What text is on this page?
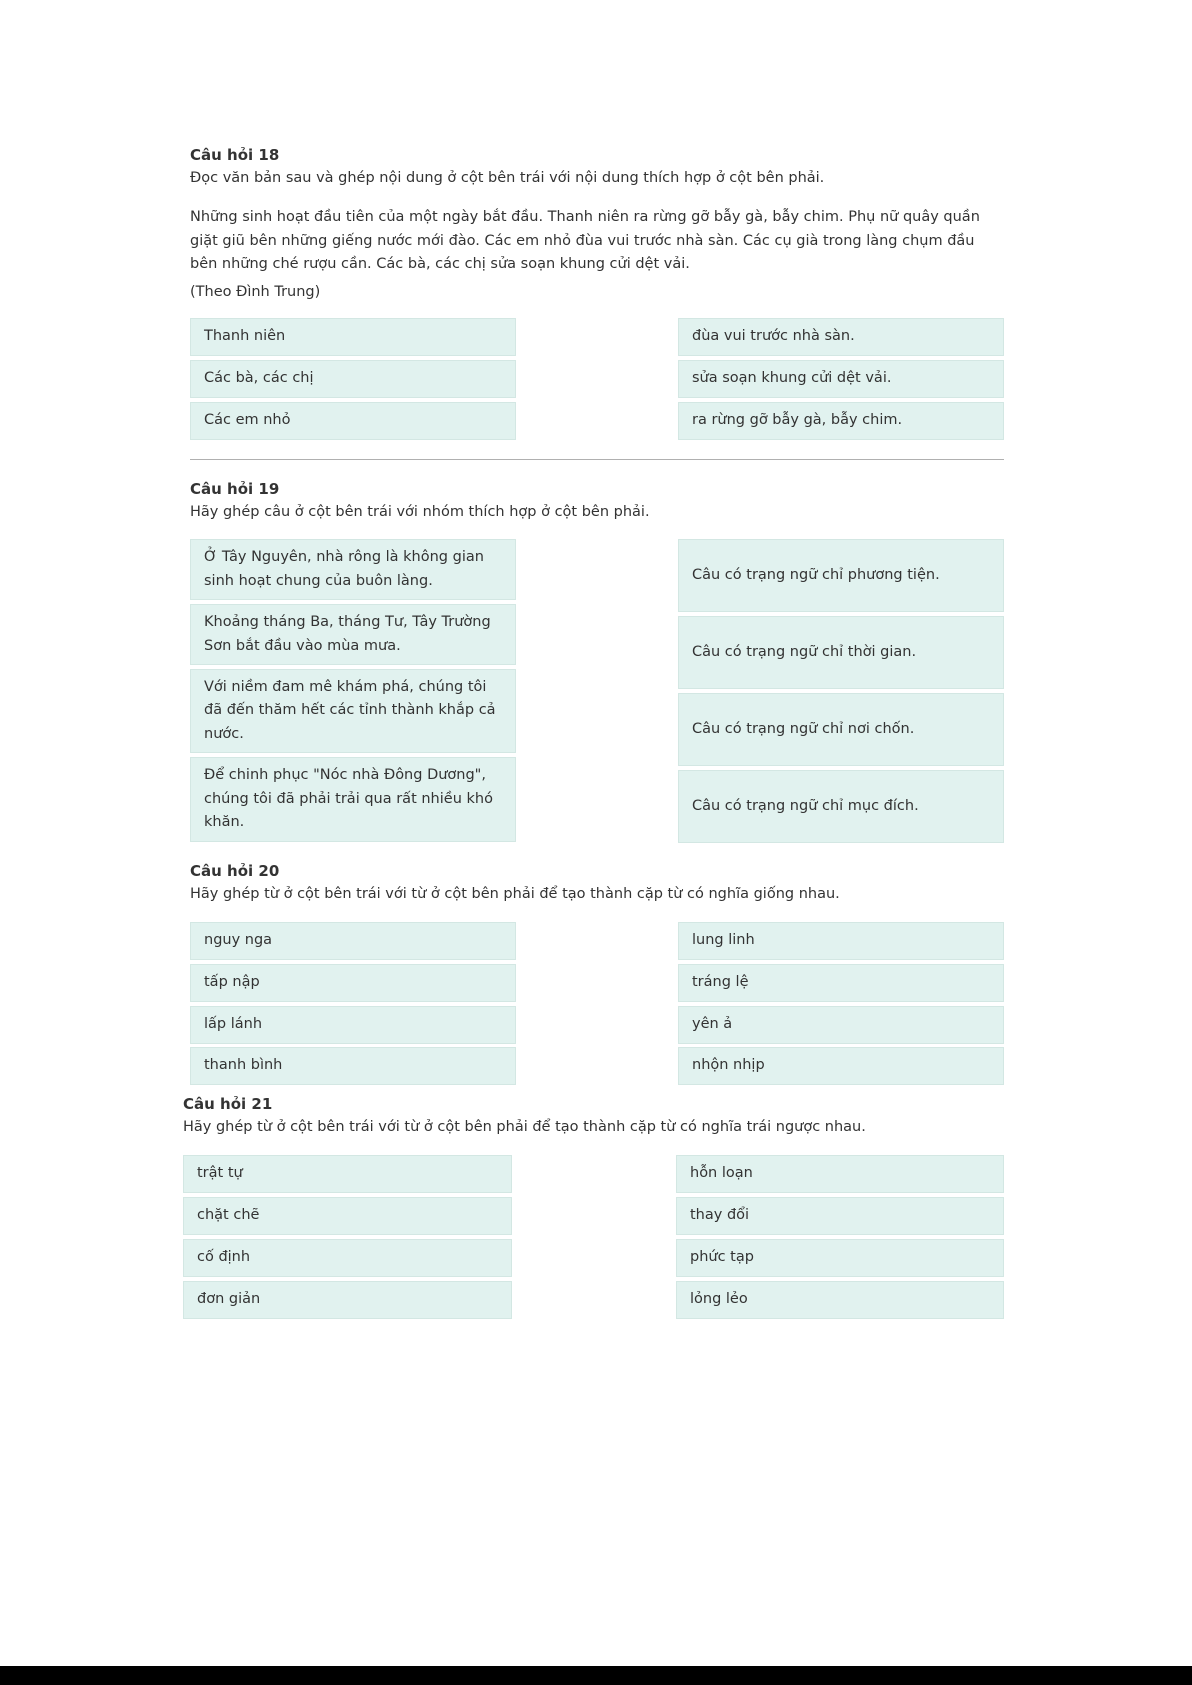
Câu hỏi 18
Đọc văn bản sau và ghép nội dung ở cột bên trái với nội dung thích hợp ở cột bên phải.
Những sinh hoạt đầu tiên của một ngày bắt đầu. Thanh niên ra rừng gỡ bẫy gà, bẫy chim. Phụ nữ quây quần giặt giũ bên những giếng nước mới đào. Các em nhỏ đùa vui trước nhà sàn. Các cụ già trong làng chụm đầu bên những ché rượu cần. Các bà, các chị sửa soạn khung cửi dệt vải.
(Theo Đình Trung)
Thanh niên
Các bà, các chị
Các em nhỏ
đùa vui trước nhà sàn.
sửa soạn khung cửi dệt vải.
ra rừng gỡ bẫy gà, bẫy chim.
Câu hỏi 19
Hãy ghép câu ở cột bên trái với nhóm thích hợp ở cột bên phải.
Ở Tây Nguyên, nhà rông là không gian sinh hoạt chung của buôn làng.
Khoảng tháng Ba, tháng Tư, Tây Trường Sơn bắt đầu vào mùa mưa.
Với niềm đam mê khám phá, chúng tôi đã đến thăm hết các tỉnh thành khắp cả nước.
Để chinh phục "Nóc nhà Đông Dương", chúng tôi đã phải trải qua rất nhiều khó khăn.
Câu có trạng ngữ chỉ phương tiện.
Câu có trạng ngữ chỉ thời gian.
Câu có trạng ngữ chỉ nơi chốn.
Câu có trạng ngữ chỉ mục đích.
Câu hỏi 20
Hãy ghép từ ở cột bên trái với từ ở cột bên phải để tạo thành cặp từ có nghĩa giống nhau.
nguy nga
tấp nập
lấp lánh
thanh bình
lung linh
tráng lệ
yên ả
nhộn nhịp
Câu hỏi 21
Hãy ghép từ ở cột bên trái với từ ở cột bên phải để tạo thành cặp từ có nghĩa trái ngược nhau.
trật tự
chặt chẽ
cố định
đơn giản
hỗn loạn
thay đổi
phức tạp
lỏng lẻo
